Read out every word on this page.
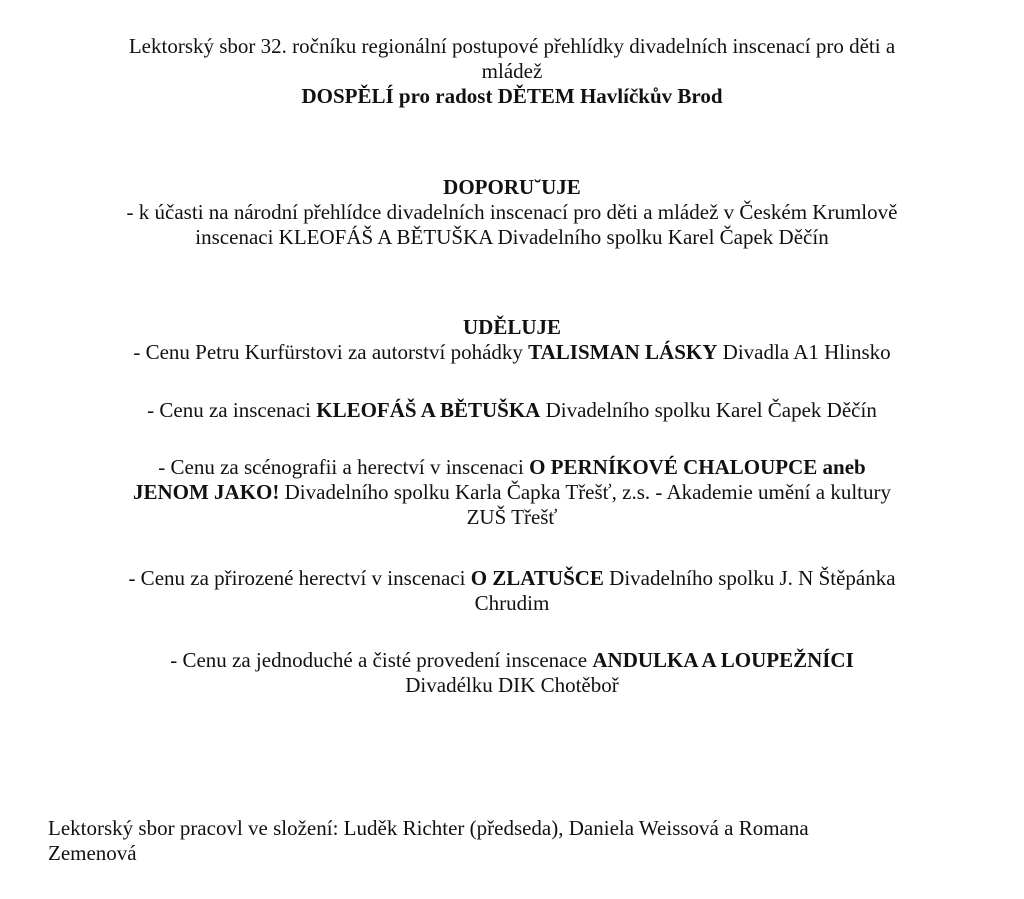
Lektorský sbor 32. ročníku regionální postupové přehlídky divadelních inscenací pro děti a
mládež
DOSPĚLÍ pro radost DĚTEM Havlíčkův Brod
DOPORU˘UJE
- k účasti na národní přehlídce divadelních inscenací pro děti a mládež v Českém Krumlově
inscenaci KLEOFÁŠ A BĚTUŠKA Divadelního spolku Karel Čapek Děčín
UDĚLUJE
- Cenu Petru Kurfürstovi za autorství pohádky TALISMAN LÁSKY Divadla A1 Hlinsko
- Cenu za inscenaci KLEOFÁŠ A BĚTUŠKA Divadelního spolku Karel Čapek Děčín
- Cenu za scénografii a herectví v inscenaci O PERNÍKOVÉ CHALOUPCE aneb
JENOM JAKO! Divadelního spolku Karla Čapka Třešť, z.s. - Akademie umění a kultury
ZUŠ Třešť
- Cenu za přirozené herectví v inscenaci O ZLATUŠCE Divadelního spolku J. N Štěpánka
Chrudim
- Cenu za jednoduché a čisté provedení inscenace ANDULKA A LOUPEŽNÍCI
Divadélku DIK Chotěboř
Lektorský sbor pracovl ve složení: Luděk Richter (předseda), Daniela Weissová a Romana
Zemenová
